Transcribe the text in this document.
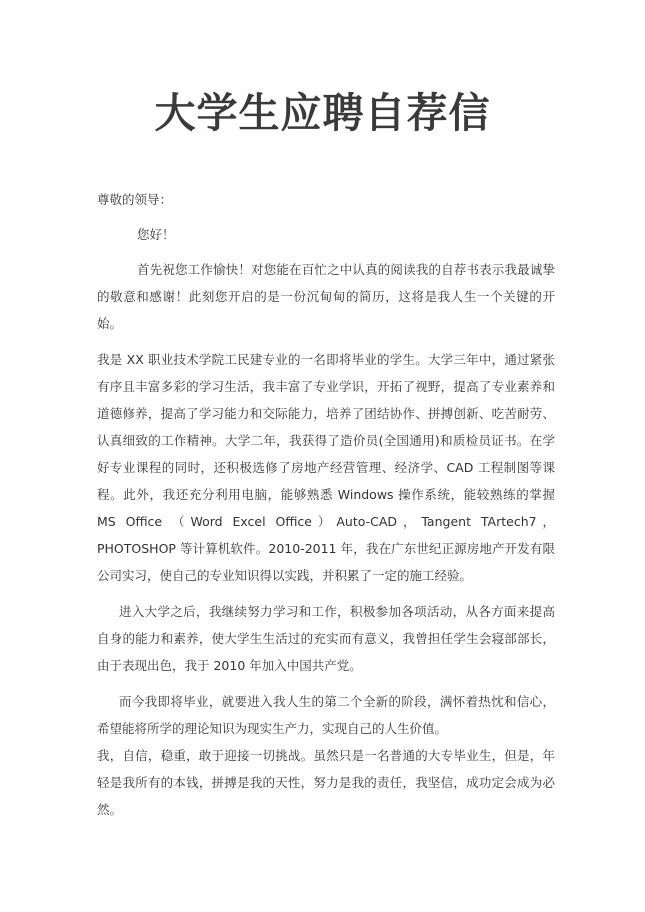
大学生应聘自荐信

尊敬的领导：

您好！

首先祝您工作愉快！对您能在百忙之中认真的阅读我的自荐书表示我最诚挚的敬意和感谢！此刻您开启的是一份沉甸甸的简历，这将是我人生一个关键的开始。

我是 XX 职业技术学院工民建专业的一名即将毕业的学生。大学三年中，通过紧张有序且丰富多彩的学习生活，我丰富了专业学识，开拓了视野，提高了专业素养和道德修养，提高了学习能力和交际能力，培养了团结协作、拼搏创新、吃苦耐劳、认真细致的工作精神。大学二年，我获得了造价员(全国通用)和质检员证书。在学好专业课程的同时，还积极选修了房地产经营管理、经济学、CAD 工程制图等课程。此外，我还充分利用电脑，能够熟悉 Windows 操作系统，能较熟练的掌握 MS Office （Word Excel Office）Auto-CAD，Tangent TArtech7，PHOTOSHOP 等计算机软件。2010-2011 年，我在广东世纪正源房地产开发有限公司实习，使自己的专业知识得以实践，并积累了一定的施工经验。

进入大学之后，我继续努力学习和工作，积极参加各项活动，从各方面来提高自身的能力和素养，使大学生生活过的充实而有意义，我曾担任学生会寝部部长，由于表现出色，我于 2010 年加入中国共产党。

而今我即将毕业，就要进入我人生的第二个全新的阶段，满怀着热忱和信心，希望能将所学的理论知识为现实生产力，实现自己的人生价值。

我，自信，稳重，敢于迎接一切挑战。虽然只是一名普通的大专毕业生，但是，年轻是我所有的本钱，拼搏是我的天性，努力是我的责任，我坚信，成功定会成为必然。
